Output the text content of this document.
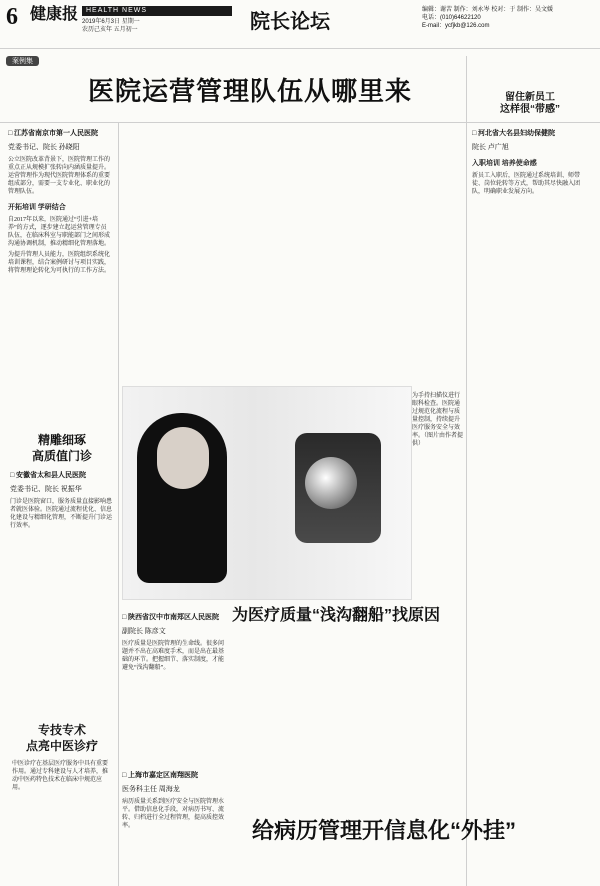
6 健康报	HEALTH NEWS
2019年6月3日 星期一
农历己亥年 五月初一	院长论坛
编辑：谢苦 制作：刘永岑 校对：于 制作：吴文媛
电话：(010)64622120
E-mail：ycfjkb@126.com
案例集
医院运营管理队伍从哪里来
□ 江苏省南京市第一人民医院
党委书记、院长 孙晓阳

公立医院改革背景下，医院管理工作的重点正从规模扩张转向内涵质量提升。运营管理作为现代医院管理体系的重要组成部分，需要一支专业化、职业化的管理队伍。

开拓培训 学研结合

自2017年以来，医院通过“引进+培养”的方式，逐步建立起运营管理专员队伍，在临床科室与职能部门之间形成沟通协调机制，推动精细化管理落地。

为提升管理人员能力，医院组织系统化培训课程，结合案例研讨与项目实践，将管理理论转化为可执行的工作方法。

留住新员工
这样很“带感”
□ 河北省大名县妇幼保健院
院长 卢广旭
入职培训 培养使命感

新员工入职后，医院通过系统培训、师带徒、岗位轮转等方式，帮助其尽快融入团队，明确职业发展方向。

为手持扫描仪进行眼科检查。医院通过规范化流程与质量控制，持续提升医疗服务安全与效率。（图片由作者提供）
为医疗质量“浅沟翻船”找原因
□ 陕西省汉中市南郑区人民医院
副院长 陈彦文

医疗质量是医院管理的生命线。很多问题并不出在高难度手术，而是出在最基础的环节。把握细节、落实制度，才能避免“浅沟翻船”。

精雕细琢
高质值门诊
□ 安徽省太和县人民医院
党委书记、院长 祝振华

门诊是医院窗口，服务质量直接影响患者就医体验。医院通过流程优化、信息化建设与精细化管理，不断提升门诊运行效率。

专技专术
点亮中医诊疗

中医诊疗在基层医疗服务中具有重要作用。通过专科建设与人才培养，推动中医药特色技术在临床中规范应用。

给病历管理开信息化“外挂”
□ 上海市嘉定区南翔医院
医务科主任 周海龙

病历质量关系到医疗安全与医院管理水平。借助信息化手段，对病历书写、流转、归档进行全过程管理，提高质控效率。
